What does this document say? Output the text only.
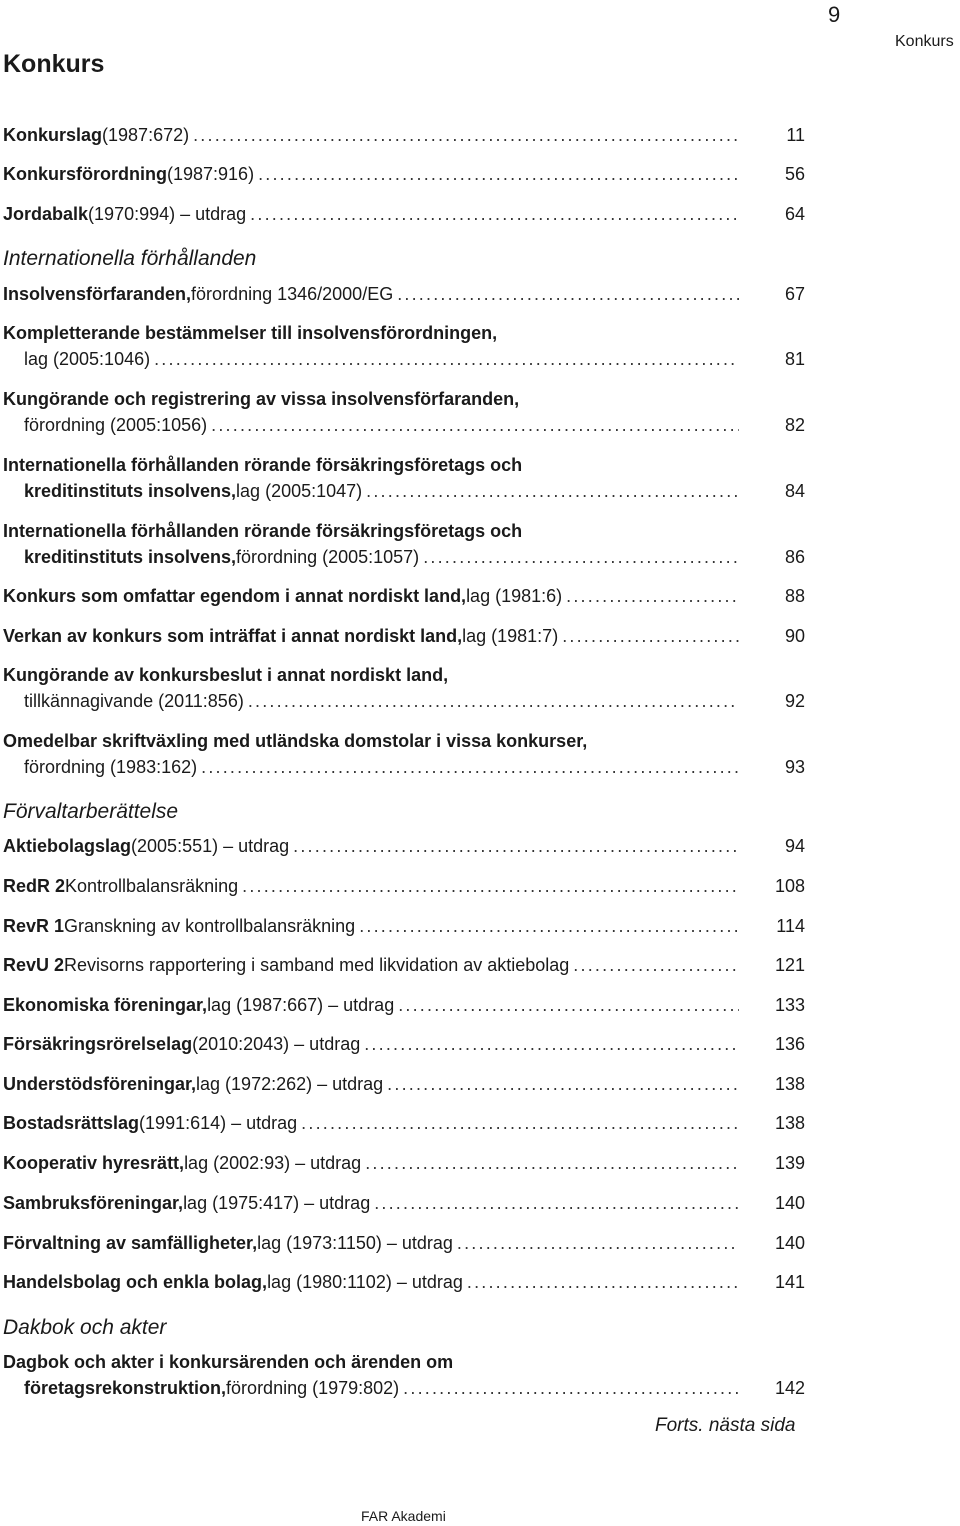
9
Konkurs
Konkurs
Konkurslag (1987:672) .....	11
Konkursförordning (1987:916) .....	56
Jordabalk (1970:994) – utdrag .....	64
Internationella förhållanden
Insolvensförfaranden, förordning 1346/2000/EG .....	67
Kompletterande bestämmelser till insolvensförordningen,
lag (2005:1046) .....	81
Kungörande och registrering av vissa insolvensförfaranden,
förordning (2005:1056) .....	82
Internationella förhållanden rörande försäkringsföretags och
kreditinstituts insolvens, lag (2005:1047) .....	84
Internationella förhållanden rörande försäkringsföretags och
kreditinstituts insolvens, förordning (2005:1057) .....	86
Konkurs som omfattar egendom i annat nordiskt land, lag (1981:6) .....	88
Verkan av konkurs som inträffat i annat nordiskt land, lag (1981:7) .....	90
Kungörande av konkursbeslut i annat nordiskt land,
tillkännagivande (2011:856) .....	92
Omedelbar skriftväxling med utländska domstolar i vissa konkurser,
förordning (1983:162) .....	93
Förvaltarberättelse
Aktiebolagslag (2005:551) – utdrag .....	94
RedR 2 Kontrollbalansräkning .....	108
RevR 1 Granskning av kontrollbalansräkning .....	114
RevU 2 Revisorns rapportering i samband med likvidation av aktiebolag .....	121
Ekonomiska föreningar, lag (1987:667) – utdrag .....	133
Försäkringsrörelselag (2010:2043) – utdrag .....	136
Understödsföreningar, lag (1972:262) – utdrag .....	138
Bostadsrättslag (1991:614) – utdrag .....	138
Kooperativ hyresrätt, lag (2002:93) – utdrag .....	139
Sambruksföreningar, lag (1975:417) – utdrag .....	140
Förvaltning av samfälligheter, lag (1973:1150) – utdrag .....	140
Handelsbolag och enkla bolag, lag (1980:1102) – utdrag .....	141
Dakbok och akter
Dagbok och akter i konkursärenden och ärenden om
företagsrekonstruktion, förordning (1979:802) .....	142
Forts. nästa sida
FAR Akademi
